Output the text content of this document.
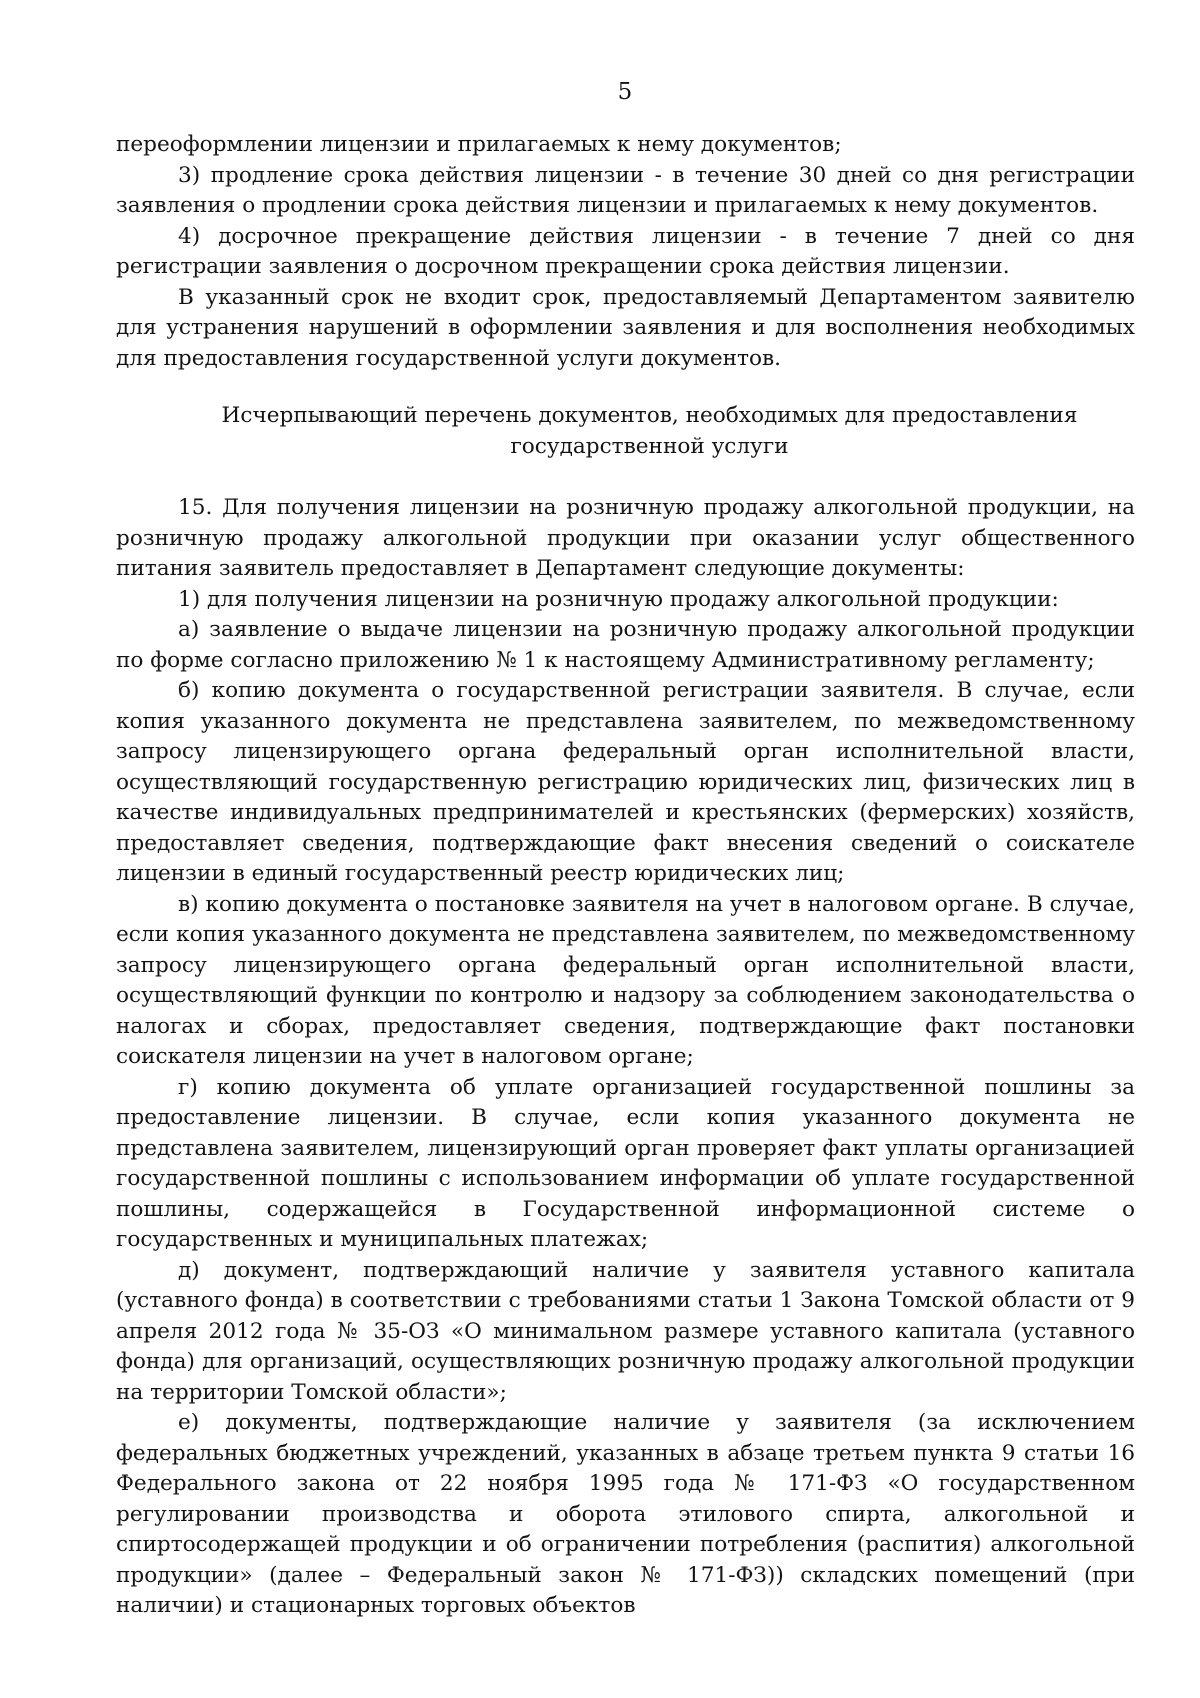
5

переоформлении лицензии и прилагаемых к нему документов;

3) продление срока действия лицензии - в течение 30 дней со дня регистрации заявления о продлении срока действия лицензии и прилагаемых к нему документов.

4) досрочное прекращение действия лицензии - в течение 7 дней со дня регистрации заявления о досрочном прекращении срока действия лицензии.

В указанный срок не входит срок, предоставляемый Департаментом заявителю для устранения нарушений в оформлении заявления и для восполнения необходимых для предоставления государственной услуги документов.

Исчерпывающий перечень документов, необходимых для предоставления
государственной услуги

15. Для получения лицензии на розничную продажу алкогольной продукции, на розничную продажу алкогольной продукции при оказании услуг общественного питания заявитель предоставляет в Департамент следующие документы:

1) для получения лицензии на розничную продажу алкогольной продукции:

а) заявление о выдаче лицензии на розничную продажу алкогольной продукции по форме согласно приложению № 1 к настоящему Административному регламенту;

б) копию документа о государственной регистрации заявителя. В случае, если копия указанного документа не представлена заявителем, по межведомственному запросу лицензирующего органа федеральный орган исполнительной власти, осуществляющий государственную регистрацию юридических лиц, физических лиц в качестве индивидуальных предпринимателей и крестьянских (фермерских) хозяйств, предоставляет сведения, подтверждающие факт внесения сведений о соискателе лицензии в единый государственный реестр юридических лиц;

в) копию документа о постановке заявителя на учет в налоговом органе. В случае, если копия указанного документа не представлена заявителем, по межведомственному запросу лицензирующего органа федеральный орган исполнительной власти, осуществляющий функции по контролю и надзору за соблюдением законодательства о налогах и сборах, предоставляет сведения, подтверждающие факт постановки соискателя лицензии на учет в налоговом органе;

г) копию документа об уплате организацией государственной пошлины за предоставление лицензии. В случае, если копия указанного документа не представлена заявителем, лицензирующий орган проверяет факт уплаты организацией государственной пошлины с использованием информации об уплате государственной пошлины, содержащейся в Государственной информационной системе о государственных и муниципальных платежах;

д) документ, подтверждающий наличие у заявителя уставного капитала (уставного фонда) в соответствии с требованиями статьи 1 Закона Томской области от 9 апреля 2012 года № 35-ОЗ «О минимальном размере уставного капитала (уставного фонда) для организаций, осуществляющих розничную продажу алкогольной продукции на территории Томской области»;

е) документы, подтверждающие наличие у заявителя (за исключением федеральных бюджетных учреждений, указанных в абзаце третьем пункта 9 статьи 16 Федерального закона от 22 ноября 1995 года № 171-ФЗ «О государственном регулировании производства и оборота этилового спирта, алкогольной и спиртосодержащей продукции и об ограничении потребления (распития) алкогольной продукции» (далее – Федеральный закон № 171-ФЗ)) складских помещений (при наличии) и стационарных торговых объектов
